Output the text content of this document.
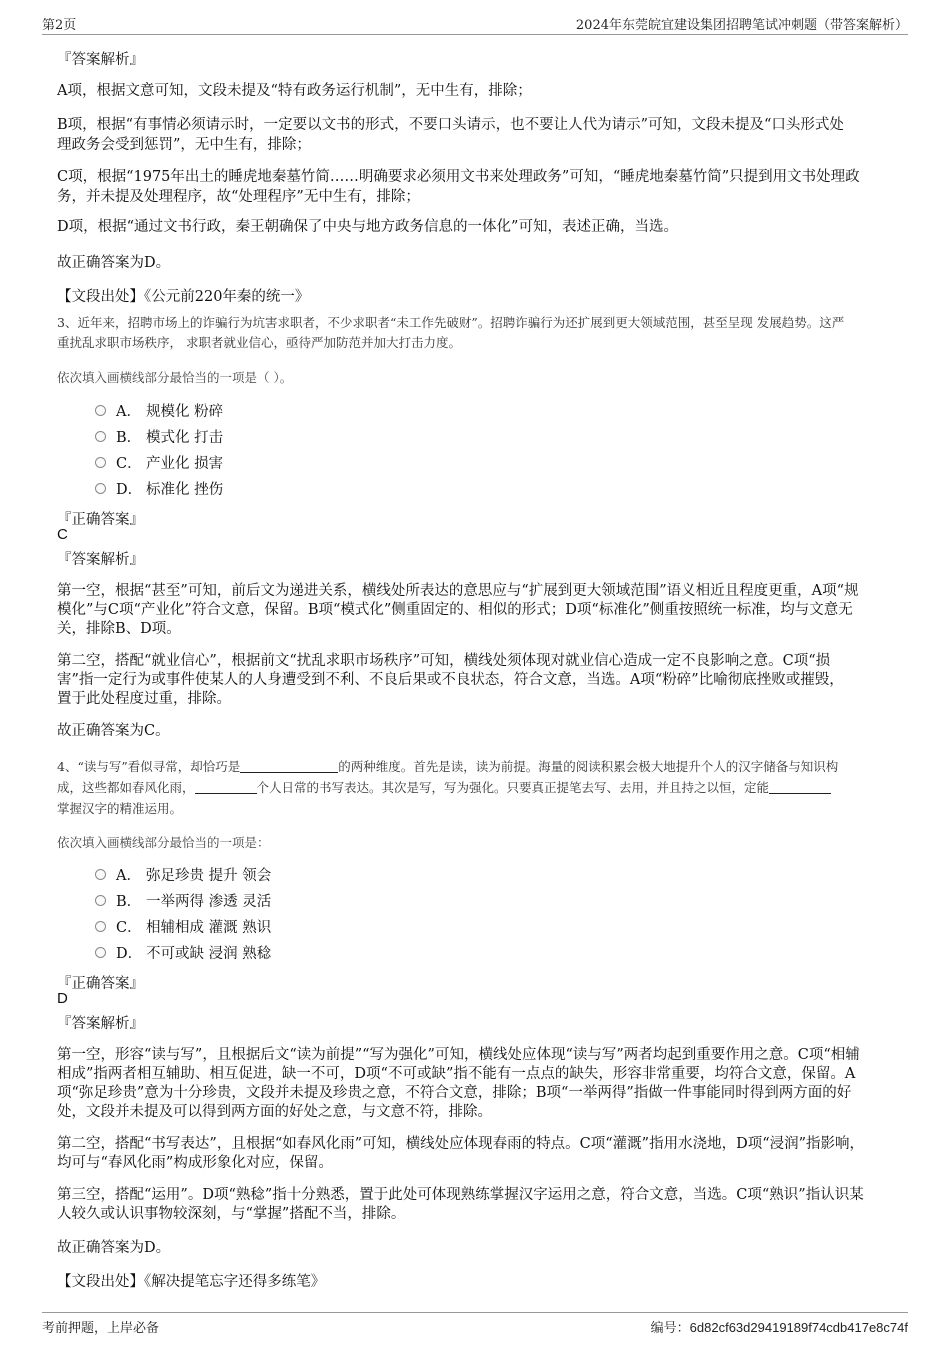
第2页	2024年东莞皖宜建设集团招聘笔试冲刺题（带答案解析）
『答案解析』
A项，根据文意可知，文段未提及“特有政务运行机制”，无中生有，排除；
B项，根据“有事情必须请示时，一定要以文书的形式，不要口头请示，也不要让人代为请示”可知，文段未提及“口头形式处
理政务会受到惩罚”，无中生有，排除；
C项，根据“1975年出土的睡虎地秦墓竹简……明确要求必须用文书来处理政务”可知，“睡虎地秦墓竹简”只提到用文书处理政
务，并未提及处理程序，故“处理程序”无中生有，排除；
D项，根据“通过文书行政，秦王朝确保了中央与地方政务信息的一体化”可知，表述正确，当选。
故正确答案为D。
【文段出处】《公元前220年秦的统一》
3、近年来，招聘市场上的诈骗行为坑害求职者，不少求职者“未工作先破财”。招聘诈骗行为还扩展到更大领域范围，甚至呈现 发展趋势。这严
重扰乱求职市场秩序， 求职者就业信心，亟待严加防范并加大打击力度。
依次填入画横线部分最恰当的一项是（ ）。
A． 规模化 粉碎
B． 模式化 打击
C． 产业化 损害
D． 标准化 挫伤
『正确答案』
C
『答案解析』
第一空，根据“甚至”可知，前后文为递进关系，横线处所表达的意思应与“扩展到更大领域范围”语义相近且程度更重，A项“规
模化”与C项“产业化”符合文意，保留。B项“模式化”侧重固定的、相似的形式；D项“标准化”侧重按照统一标准，均与文意无
关，排除B、D项。
第二空，搭配“就业信心”，根据前文“扰乱求职市场秩序”可知，横线处须体现对就业信心造成一定不良影响之意。C项“损
害”指一定行为或事件使某人的人身遭受到不利、不良后果或不良状态，符合文意，当选。A项“粉碎”比喻彻底挫败或摧毁，
置于此处程度过重，排除。
故正确答案为C。
4、“读与写”看似寻常，却恰巧是	的两种维度。首先是读，读为前提。海量的阅读积累会极大地提升个人的汉字储备与知识构
成，这些都如春风化雨，	个人日常的书写表达。其次是写，写为强化。只要真正提笔去写、去用，并且持之以恒，定能
掌握汉字的精准运用。
依次填入画横线部分最恰当的一项是：
A． 弥足珍贵 提升 领会
B． 一举两得 渗透 灵活
C． 相辅相成 灌溉 熟识
D． 不可或缺 浸润 熟稔
『正确答案』
D
『答案解析』
第一空，形容“读与写”，且根据后文“读为前提”“写为强化”可知，横线处应体现“读与写”两者均起到重要作用之意。C项“相辅
相成”指两者相互辅助、相互促进，缺一不可，D项“不可或缺”指不能有一点点的缺失，形容非常重要，均符合文意，保留。A
项“弥足珍贵”意为十分珍贵，文段并未提及珍贵之意，不符合文意，排除；B项“一举两得”指做一件事能同时得到两方面的好
处，文段并未提及可以得到两方面的好处之意，与文意不符，排除。
第二空，搭配“书写表达”，且根据“如春风化雨”可知，横线处应体现春雨的特点。C项“灌溉”指用水浇地，D项“浸润”指影响，
均可与“春风化雨”构成形象化对应，保留。
第三空，搭配“运用”。D项“熟稔”指十分熟悉，置于此处可体现熟练掌握汉字运用之意，符合文意，当选。C项“熟识”指认识某
人较久或认识事物较深刻，与“掌握”搭配不当，排除。
故正确答案为D。
【文段出处】《解决提笔忘字还得多练笔》
考前押题，上岸必备	编号：6d82cf63d29419189f74cdb417e8c74f
